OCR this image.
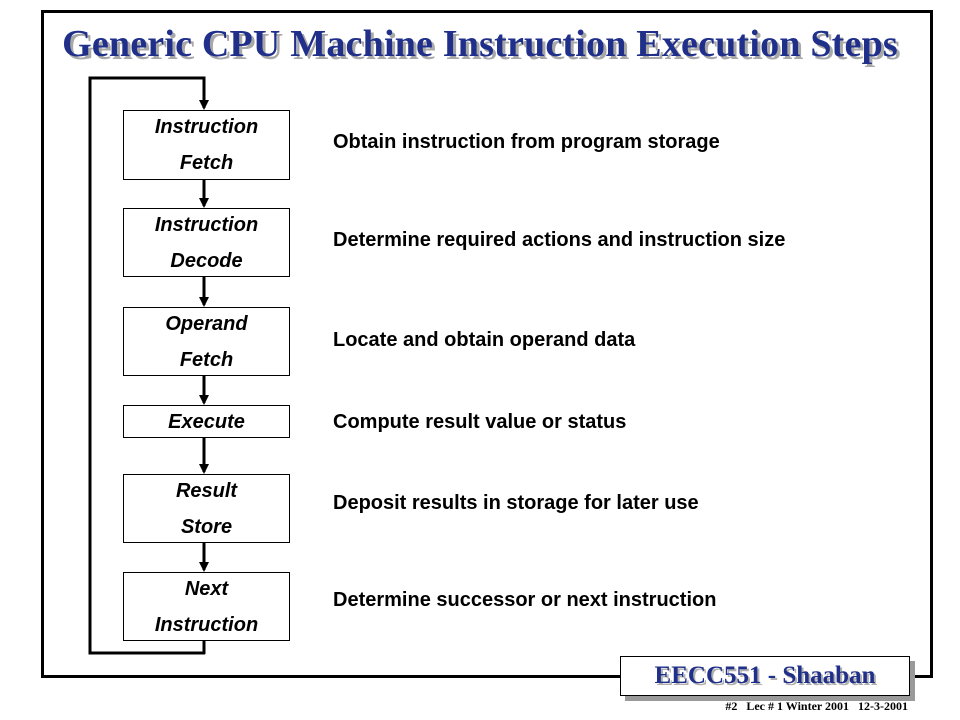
Generic CPU Machine Instruction Execution Steps
Instruction
Fetch
Obtain instruction from program storage
Instruction
Decode
Determine required actions and instruction size
Operand
Fetch
Locate and obtain operand data
Execute	Compute result value or status
Result
Store
Deposit results in storage for later use
Next
Instruction
Determine successor or next instruction
EECC551 - Shaaban
#2   Lec # 1 Winter 2001   12-3-2001
